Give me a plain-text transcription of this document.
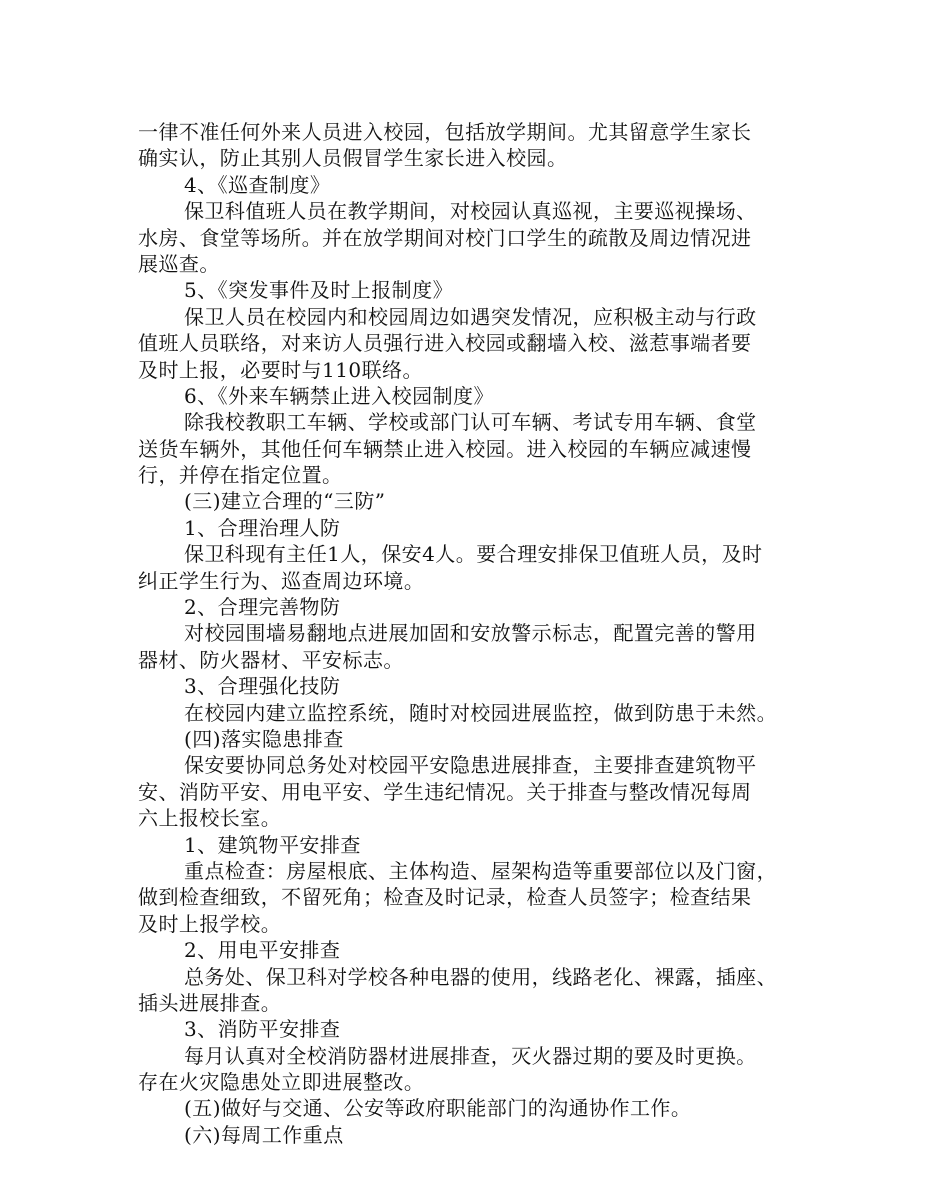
一律不准任何外来人员进入校园，包括放学期间。尤其留意学生家长
确实认，防止其别人员假冒学生家长进入校园。
4、《巡查制度》
保卫科值班人员在教学期间，对校园认真巡视，主要巡视操场、
水房、食堂等场所。并在放学期间对校门口学生的疏散及周边情况进
展巡查。
5、《突发事件及时上报制度》
保卫人员在校园内和校园周边如遇突发情况，应积极主动与行政
值班人员联络，对来访人员强行进入校园或翻墙入校、滋惹事端者要
及时上报，必要时与110联络。
6、《外来车辆禁止进入校园制度》
除我校教职工车辆、学校或部门认可车辆、考试专用车辆、食堂
送货车辆外，其他任何车辆禁止进入校园。进入校园的车辆应减速慢
行，并停在指定位置。
(三)建立合理的“三防”
1、合理治理人防
保卫科现有主任1人，保安4人。要合理安排保卫值班人员，及时
纠正学生行为、巡查周边环境。
2、合理完善物防
对校园围墙易翻地点进展加固和安放警示标志，配置完善的警用
器材、防火器材、平安标志。
3、合理强化技防
在校园内建立监控系统，随时对校园进展监控，做到防患于未然。
(四)落实隐患排查
保安要协同总务处对校园平安隐患进展排查，主要排查建筑物平
安、消防平安、用电平安、学生违纪情况。关于排查与整改情况每周
六上报校长室。
1、建筑物平安排查
重点检查：房屋根底、主体构造、屋架构造等重要部位以及门窗，
做到检查细致，不留死角；检查及时记录，检查人员签字；检查结果
及时上报学校。
2、用电平安排查
总务处、保卫科对学校各种电器的使用，线路老化、裸露，插座、
插头进展排查。
3、消防平安排查
每月认真对全校消防器材进展排查，灭火器过期的要及时更换。
存在火灾隐患处立即进展整改。
(五)做好与交通、公安等政府职能部门的沟通协作工作。
(六)每周工作重点
